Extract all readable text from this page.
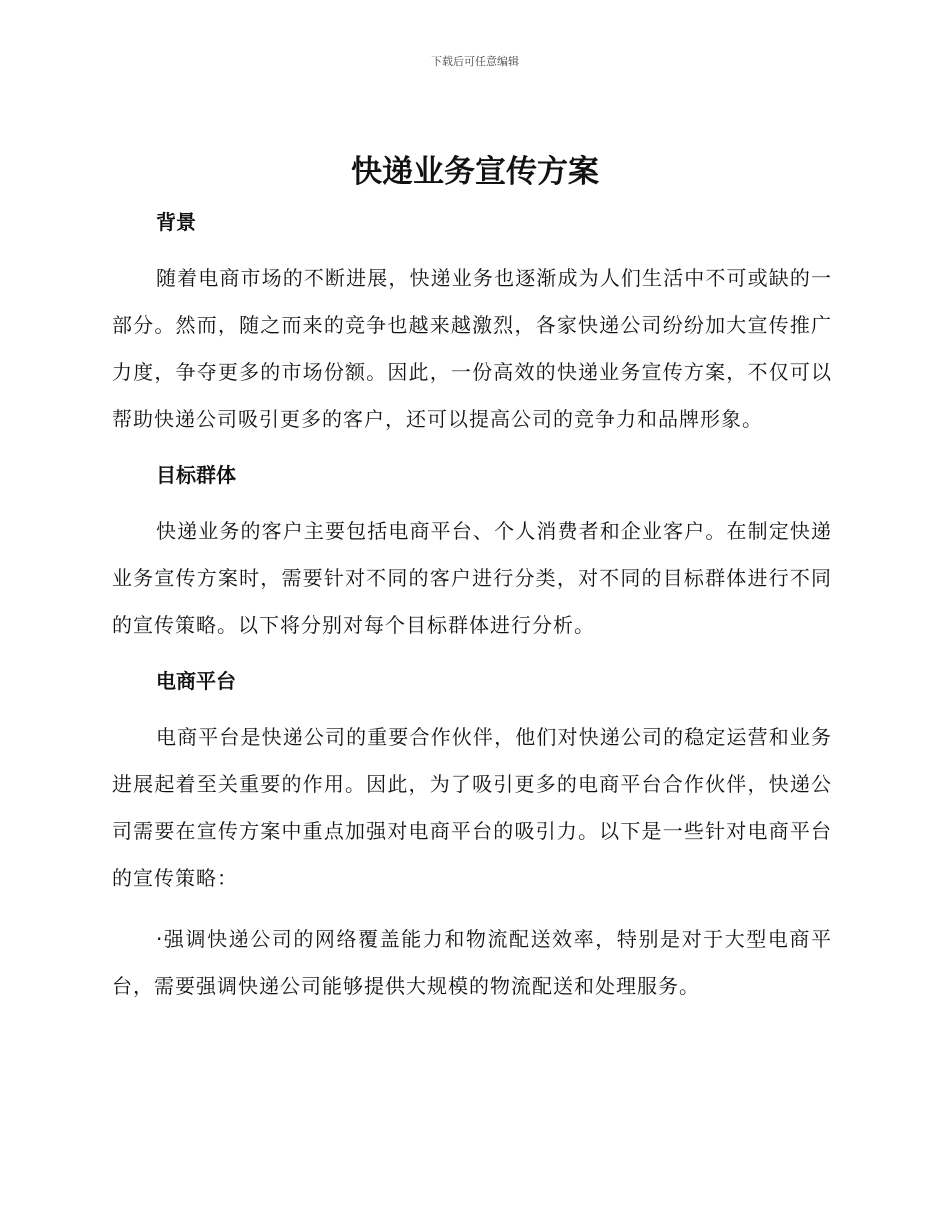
下载后可任意编辑
快递业务宣传方案
背景

随着电商市场的不断进展，快递业务也逐渐成为人们生活中不可或缺的一部分。然而，随之而来的竞争也越来越激烈，各家快递公司纷纷加大宣传推广力度，争夺更多的市场份额。因此，一份高效的快递业务宣传方案，不仅可以帮助快递公司吸引更多的客户，还可以提高公司的竞争力和品牌形象。

目标群体

快递业务的客户主要包括电商平台、个人消费者和企业客户。在制定快递业务宣传方案时，需要针对不同的客户进行分类，对不同的目标群体进行不同的宣传策略。以下将分别对每个目标群体进行分析。

电商平台

电商平台是快递公司的重要合作伙伴，他们对快递公司的稳定运营和业务进展起着至关重要的作用。因此，为了吸引更多的电商平台合作伙伴，快递公司需要在宣传方案中重点加强对电商平台的吸引力。以下是一些针对电商平台的宣传策略：

·强调快递公司的网络覆盖能力和物流配送效率，特别是对于大型电商平台，需要强调快递公司能够提供大规模的物流配送和处理服务。
